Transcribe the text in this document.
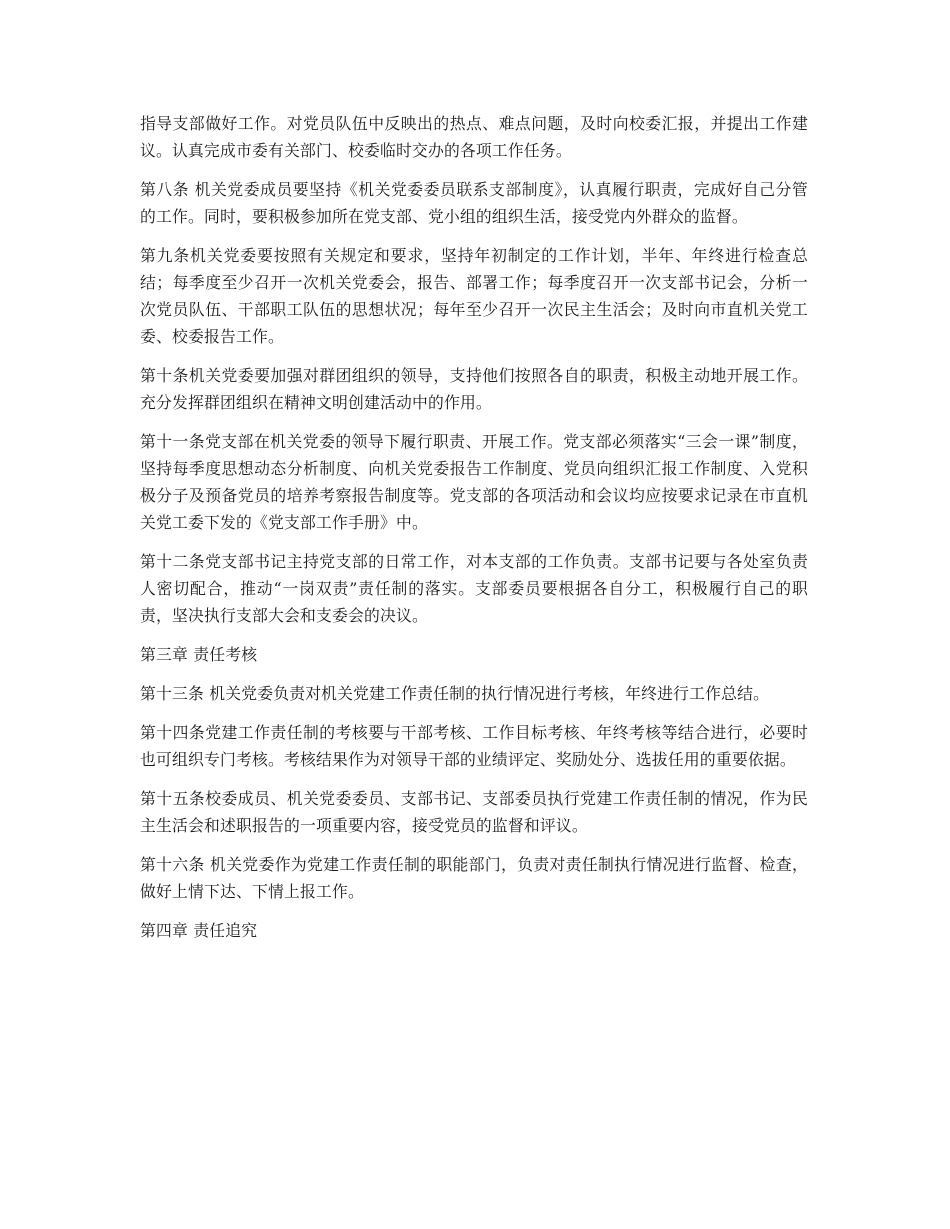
指导支部做好工作。对党员队伍中反映出的热点、难点问题，及时向校委汇报，并提出工作建议。认真完成市委有关部门、校委临时交办的各项工作任务。

第八条 机关党委成员要坚持《机关党委委员联系支部制度》，认真履行职责，完成好自己分管的工作。同时，要积极参加所在党支部、党小组的组织生活，接受党内外群众的监督。

第九条机关党委要按照有关规定和要求，坚持年初制定的工作计划，半年、年终进行检查总结；每季度至少召开一次机关党委会，报告、部署工作；每季度召开一次支部书记会，分析一次党员队伍、干部职工队伍的思想状况；每年至少召开一次民主生活会；及时向市直机关党工委、校委报告工作。

第十条机关党委要加强对群团组织的领导，支持他们按照各自的职责，积极主动地开展工作。充分发挥群团组织在精神文明创建活动中的作用。

第十一条党支部在机关党委的领导下履行职责、开展工作。党支部必须落实“三会一课”制度，坚持每季度思想动态分析制度、向机关党委报告工作制度、党员向组织汇报工作制度、入党积极分子及预备党员的培养考察报告制度等。党支部的各项活动和会议均应按要求记录在市直机关党工委下发的《党支部工作手册》中。

第十二条党支部书记主持党支部的日常工作，对本支部的工作负责。支部书记要与各处室负责人密切配合，推动“一岗双责”责任制的落实。支部委员要根据各自分工，积极履行自己的职责，坚决执行支部大会和支委会的决议。

第三章 责任考核

第十三条 机关党委负责对机关党建工作责任制的执行情况进行考核，年终进行工作总结。

第十四条党建工作责任制的考核要与干部考核、工作目标考核、年终考核等结合进行，必要时也可组织专门考核。考核结果作为对领导干部的业绩评定、奖励处分、选拔任用的重要依据。

第十五条校委成员、机关党委委员、支部书记、支部委员执行党建工作责任制的情况，作为民主生活会和述职报告的一项重要内容，接受党员的监督和评议。

第十六条 机关党委作为党建工作责任制的职能部门，负责对责任制执行情况进行监督、检查，做好上情下达、下情上报工作。

第四章 责任追究
